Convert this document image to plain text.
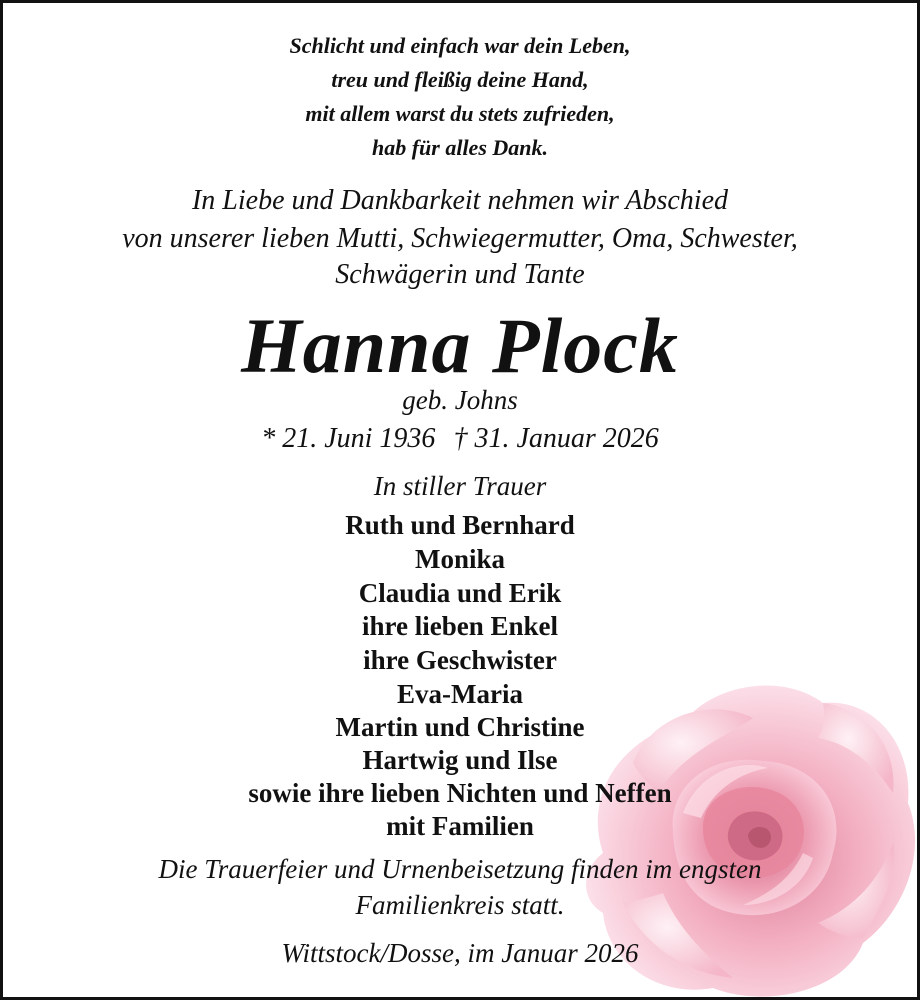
Schlicht und einfach war dein Leben,
treu und fleißig deine Hand,
mit allem warst du stets zufrieden,
hab für alles Dank.
In Liebe und Dankbarkeit nehmen wir Abschied
von unserer lieben Mutti, Schwiegermutter, Oma, Schwester,
Schwägerin und Tante
Hanna Plock
geb. Johns
* 21. Juni 1936 † 31. Januar 2026
In stiller Trauer
Ruth und Bernhard
Monika
Claudia und Erik
ihre lieben Enkel
ihre Geschwister
Eva-Maria
Martin und Christine
Hartwig und Ilse
sowie ihre lieben Nichten und Neffen
mit Familien
Die Trauerfeier und Urnenbeisetzung finden im engsten
Familienkreis statt.
Wittstock/Dosse, im Januar 2026
